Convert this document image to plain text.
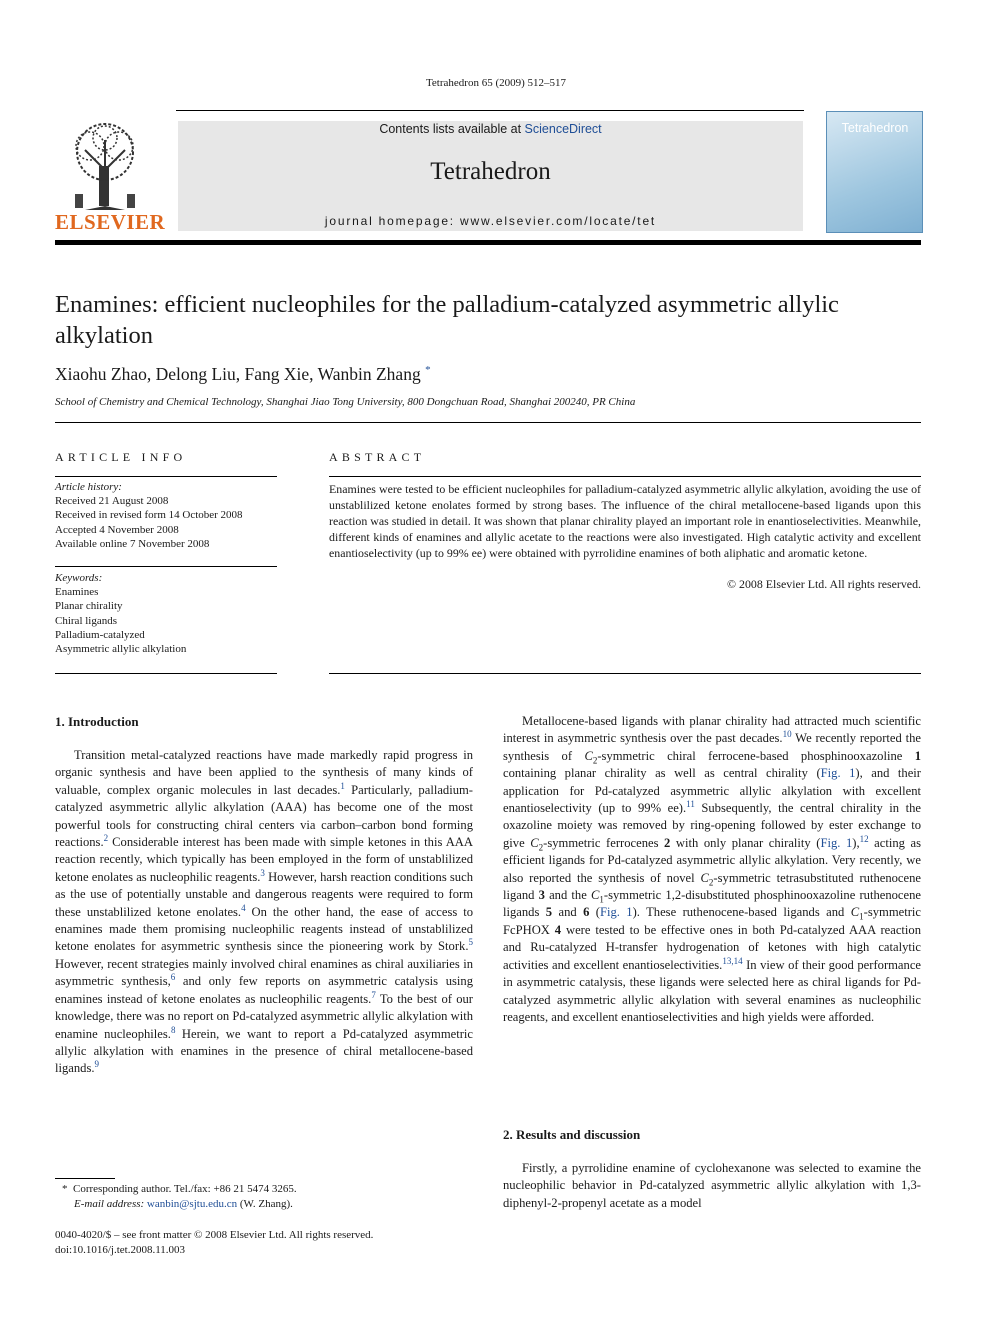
Tetrahedron 65 (2009) 512–517
ELSEVIER
Contents lists available at ScienceDirect
Tetrahedron
journal homepage: www.elsevier.com/locate/tet
Tetrahedron
Enamines: efficient nucleophiles for the palladium-catalyzed asymmetric allylic alkylation
Xiaohu Zhao, Delong Liu, Fang Xie, Wanbin Zhang *
School of Chemistry and Chemical Technology, Shanghai Jiao Tong University, 800 Dongchuan Road, Shanghai 200240, PR China
ARTICLE INFO	ABSTRACT
Article history:
Received 21 August 2008
Received in revised form 14 October 2008
Accepted 4 November 2008
Available online 7 November 2008
Keywords:
Enamines
Planar chirality
Chiral ligands
Palladium-catalyzed
Asymmetric allylic alkylation
Enamines were tested to be efficient nucleophiles for palladium-catalyzed asymmetric allylic alkylation, avoiding the use of unstablilized ketone enolates formed by strong bases. The influence of the chiral metallocene-based ligands upon this reaction was studied in detail. It was shown that planar chirality played an important role in enantioselectivities. Meanwhile, different kinds of enamines and allylic acetate to the reactions were also investigated. High catalytic activity and excellent enantioselectivity (up to 99% ee) were obtained with pyrrolidine enamines of both aliphatic and aromatic ketone.
© 2008 Elsevier Ltd. All rights reserved.
1. Introduction
Transition metal-catalyzed reactions have made markedly rapid progress in organic synthesis and have been applied to the synthesis of many kinds of valuable, complex organic molecules in last decades.$^1$ Particularly, palladium-catalyzed asymmetric allylic alkylation (AAA) has become one of the most powerful tools for constructing chiral centers via carbon–carbon bond forming reactions.$^2$ Considerable interest has been made with simple ketones in this AAA reaction recently, which typically has been employed in the form of unstablilized ketone enolates as nucleophilic reagents.$^3$ However, harsh reaction conditions such as the use of potentially unstable and dangerous reagents were required to form these unstablilized ketone enolates.$^4$ On the other hand, the ease of access to enamines made them promising nucleophilic reagents instead of unstablilized ketone enolates for asymmetric synthesis since the pioneering work by Stork.$^5$ However, recent strategies mainly involved chiral enamines as chiral auxiliaries in asymmetric synthesis,$^6$ and only few reports on asymmetric catalysis using enamines instead of ketone enolates as nucleophilic reagents.$^7$ To the best of our knowledge, there was no report on Pd-catalyzed asymmetric allylic alkylation with enamine nucleophiles.$^8$ Herein, we want to report a Pd-catalyzed asymmetric allylic alkylation with enamines in the presence of chiral metallocene-based ligands.$^9$
Metallocene-based ligands with planar chirality had attracted much scientific interest in asymmetric synthesis over the past decades.$^{10}$ We recently reported the synthesis of $C_2$-symmetric chiral ferrocene-based phosphinooxazoline 1 containing planar chirality as well as central chirality (Fig. 1), and their application for Pd-catalyzed asymmetric allylic alkylation with excellent enantioselectivity (up to 99% ee).$^{11}$ Subsequently, the central chirality in the oxazoline moiety was removed by ring-opening followed by ester exchange to give $C_2$-symmetric ferrocenes 2 with only planar chirality (Fig. 1),$^{12}$ acting as efficient ligands for Pd-catalyzed asymmetric allylic alkylation. Very recently, we also reported the synthesis of novel $C_2$-symmetric tetrasubstituted ruthenocene ligand 3 and the $C_1$-symmetric 1,2-disubstituted phosphinooxazoline ruthenocene ligands 5 and 6 (Fig. 1). These ruthenocene-based ligands and $C_1$-symmetric FcPHOX 4 were tested to be effective ones in both Pd-catalyzed AAA reaction and Ru-catalyzed H-transfer hydrogenation of ketones with high catalytic activities and excellent enantioselectivities.$^{13,14}$ In view of their good performance in asymmetric catalysis, these ligands were selected here as chiral ligands for Pd-catalyzed asymmetric allylic alkylation with several enamines as nucleophilic reagents, and excellent enantioselectivities and high yields were afforded.
2. Results and discussion
Firstly, a pyrrolidine enamine of cyclohexanone was selected to examine the nucleophilic behavior in Pd-catalyzed asymmetric allylic alkylation with 1,3-diphenyl-2-propenyl acetate as a model
* Corresponding author. Tel./fax: +86 21 5474 3265.
E-mail address: wanbin@sjtu.edu.cn (W. Zhang).
0040-4020/$ – see front matter © 2008 Elsevier Ltd. All rights reserved.
doi:10.1016/j.tet.2008.11.003
